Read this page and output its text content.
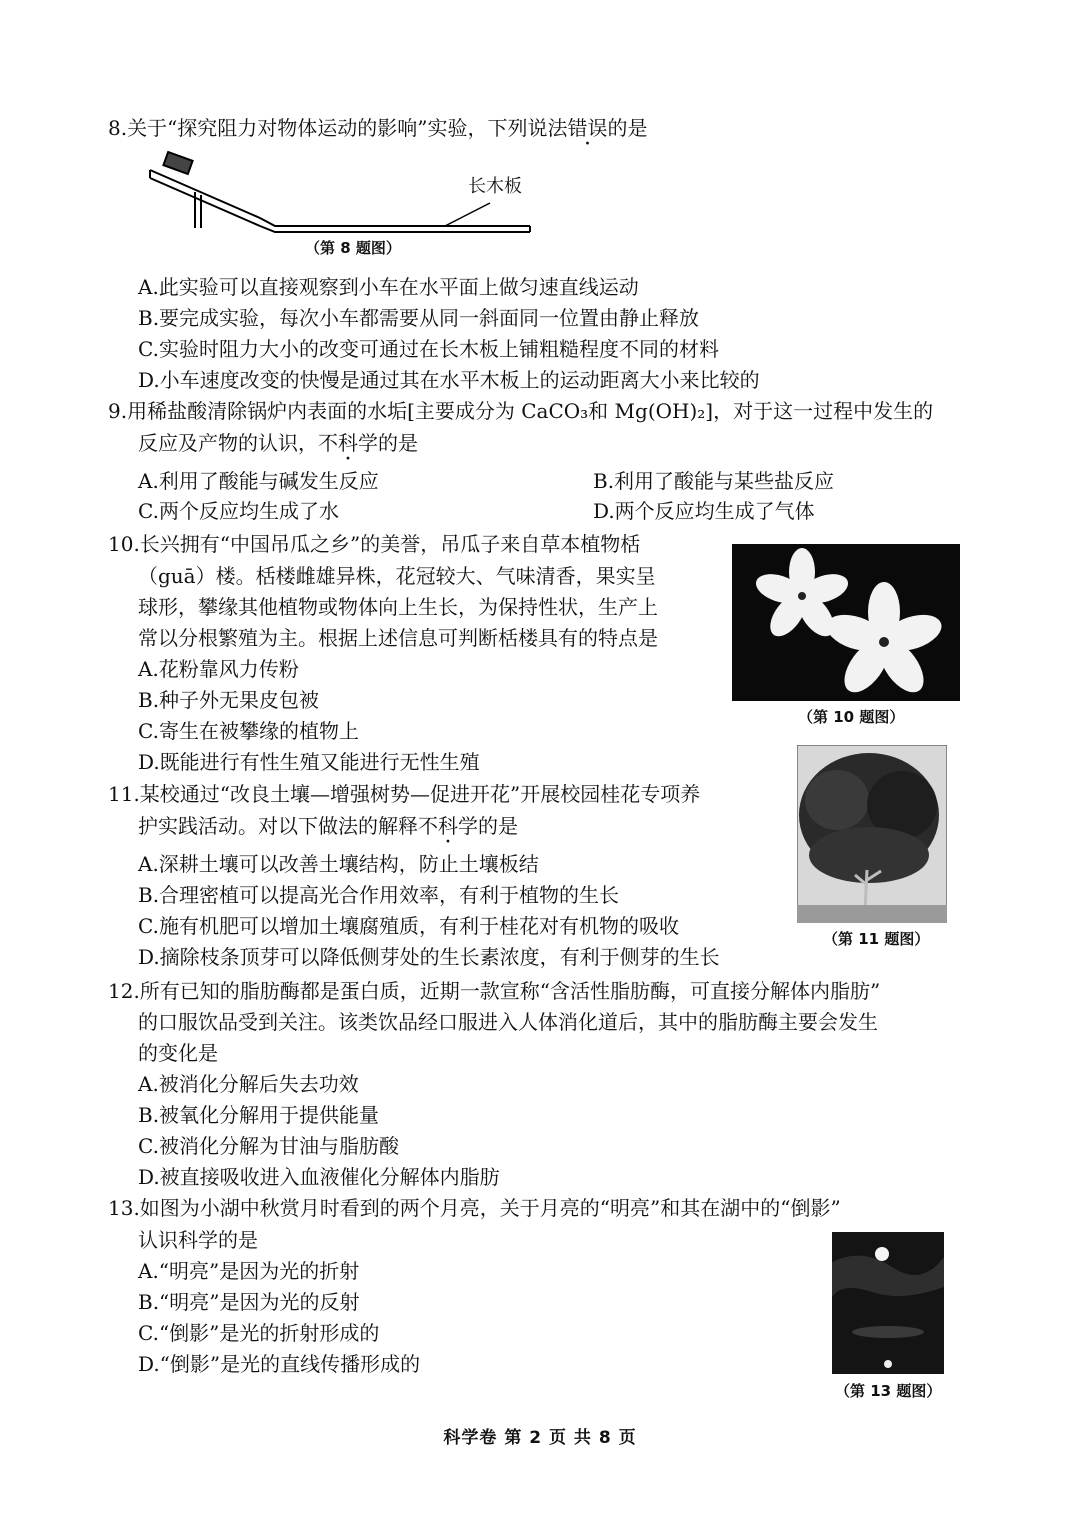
8.关于“探究阻力对物体运动的影响”实验，下列说法错误的是
长木板
（第 8 题图）
A.此实验可以直接观察到小车在水平面上做匀速直线运动
B.要完成实验，每次小车都需要从同一斜面同一位置由静止释放
C.实验时阻力大小的改变可通过在长木板上铺粗糙程度不同的材料
D.小车速度改变的快慢是通过其在水平木板上的运动距离大小来比较的
9.用稀盐酸清除锅炉内表面的水垢[主要成分为 CaCO₃和 Mg(OH)₂]，对于这一过程中发生的
反应及产物的认识，不科学的是
A.利用了酸能与碱发生反应	B.利用了酸能与某些盐反应
C.两个反应均生成了水	D.两个反应均生成了气体
10.长兴拥有“中国吊瓜之乡”的美誉，吊瓜子来自草本植物栝
（guā）楼。栝楼雌雄异株，花冠较大、气味清香，果实呈
球形，攀缘其他植物或物体向上生长，为保持性状，生产上
常以分根繁殖为主。根据上述信息可判断栝楼具有的特点是
A.花粉靠风力传粉
B.种子外无果皮包被
C.寄生在被攀缘的植物上
D.既能进行有性生殖又能进行无性生殖
（第 10 题图）
11.某校通过“改良土壤—增强树势—促进开花”开展校园桂花专项养
护实践活动。对以下做法的解释不科学的是
A.深耕土壤可以改善土壤结构，防止土壤板结
B.合理密植可以提高光合作用效率，有利于植物的生长
C.施有机肥可以增加土壤腐殖质，有利于桂花对有机物的吸收
D.摘除枝条顶芽可以降低侧芽处的生长素浓度，有利于侧芽的生长
（第 11 题图）
12.所有已知的脂肪酶都是蛋白质，近期一款宣称“含活性脂肪酶，可直接分解体内脂肪”
的口服饮品受到关注。该类饮品经口服进入人体消化道后，其中的脂肪酶主要会发生
的变化是
A.被消化分解后失去功效
B.被氧化分解用于提供能量
C.被消化分解为甘油与脂肪酸
D.被直接吸收进入血液催化分解体内脂肪
13.如图为小湖中秋赏月时看到的两个月亮，关于月亮的“明亮”和其在湖中的“倒影”
认识科学的是
A.“明亮”是因为光的折射
B.“明亮”是因为光的反射
C.“倒影”是光的折射形成的
D.“倒影”是光的直线传播形成的
（第 13 题图）
科学卷 第 2 页 共 8 页
